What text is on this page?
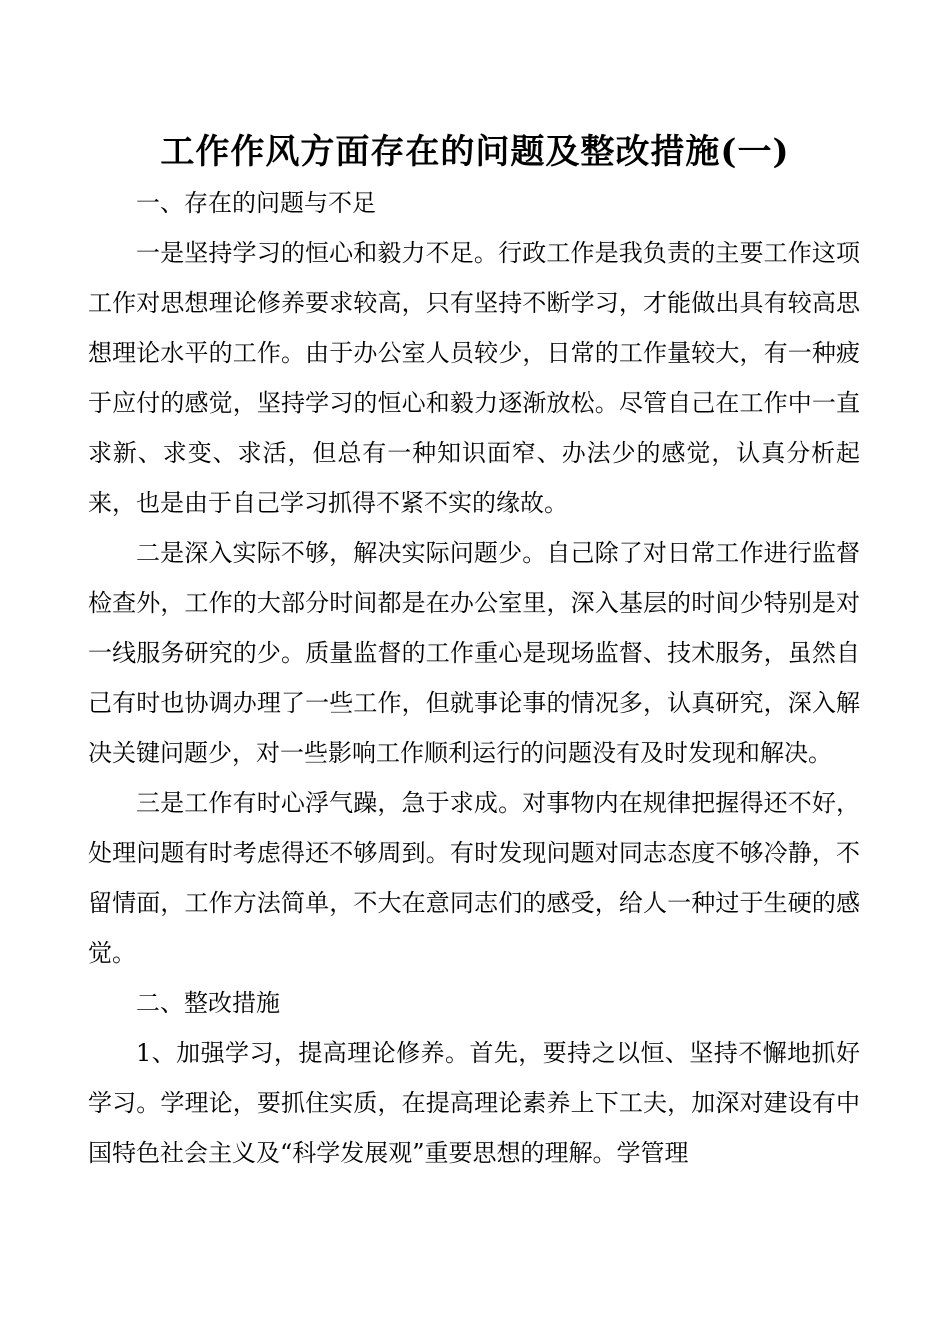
工作作风方面存在的问题及整改措施(一)

一、存在的问题与不足

一是坚持学习的恒心和毅力不足。行政工作是我负责的主要工作这项工作对思想理论修养要求较高，只有坚持不断学习，才能做出具有较高思想理论水平的工作。由于办公室人员较少，日常的工作量较大，有一种疲于应付的感觉，坚持学习的恒心和毅力逐渐放松。尽管自己在工作中一直求新、求变、求活，但总有一种知识面窄、办法少的感觉，认真分析起来，也是由于自己学习抓得不紧不实的缘故。

二是深入实际不够，解决实际问题少。自己除了对日常工作进行监督检查外，工作的大部分时间都是在办公室里，深入基层的时间少特别是对一线服务研究的少。质量监督的工作重心是现场监督、技术服务，虽然自己有时也协调办理了一些工作，但就事论事的情况多，认真研究，深入解决关键问题少，对一些影响工作顺利运行的问题没有及时发现和解决。

三是工作有时心浮气躁，急于求成。对事物内在规律把握得还不好，处理问题有时考虑得还不够周到。有时发现问题对同志态度不够冷静，不留情面，工作方法简单，不大在意同志们的感受，给人一种过于生硬的感觉。

二、整改措施

1、加强学习，提高理论修养。首先，要持之以恒、坚持不懈地抓好学习。学理论，要抓住实质，在提高理论素养上下工夫，加深对建设有中国特色社会主义及“科学发展观”重要思想的理解。学管理
